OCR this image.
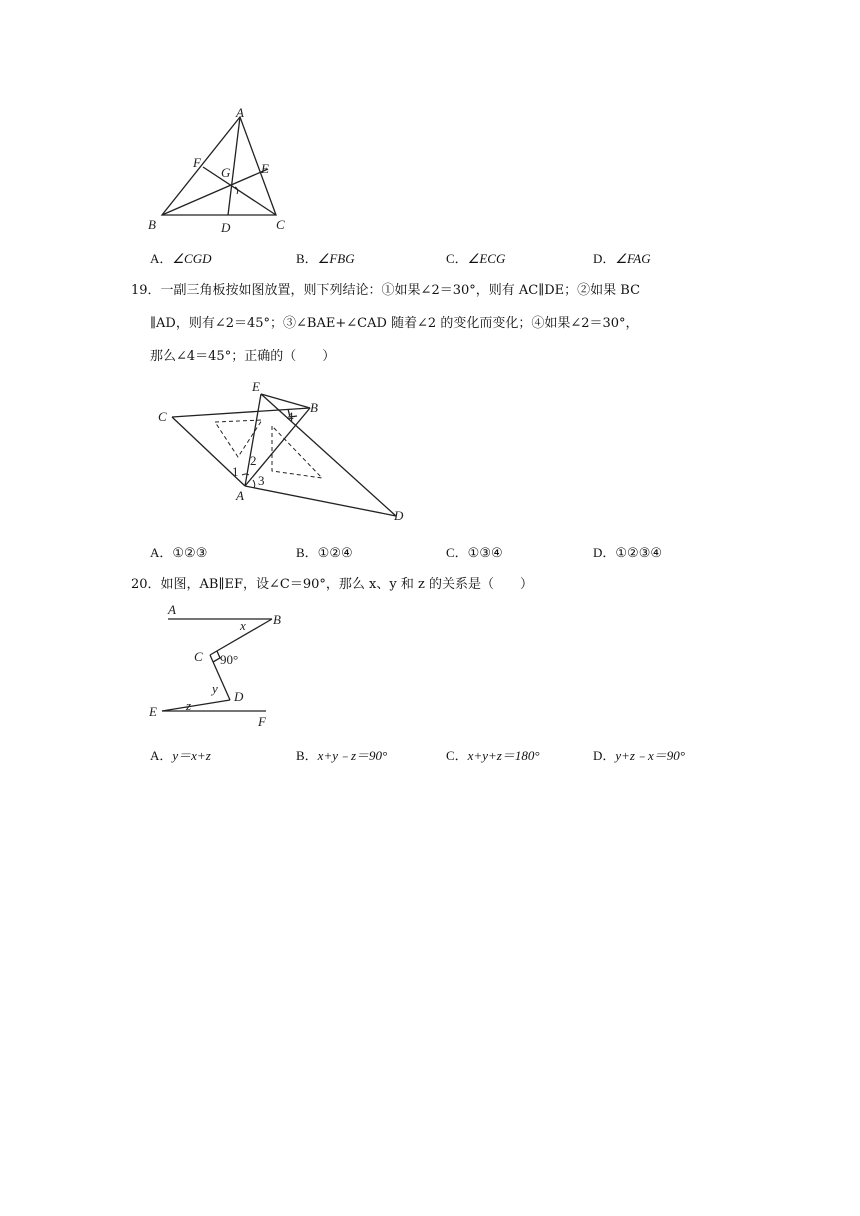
A
F
G E
B	D	C
A．∠CGD	B．∠FBG	C．∠ECG	D．∠FAG
19．一副三角板按如图放置，则下列结论：①如果∠2＝30°，则有 AC∥DE；②如果 BC
∥AD，则有∠2＝45°；③∠BAE+∠CAD 随着∠2 的变化而变化；④如果∠2＝30°，
那么∠4＝45°；正确的（　　）
E
C
B
4
2
1
3
A
D
A．①②③	B．①②④	C．①③④	D．①②③④
20．如图，AB∥EF，设∠C＝90°，那么 x、y 和 z 的关系是（　　）
A
B
x
C 90°
y
D
E z
F
A．y＝x+z	B．x+y﹣z＝90°	C．x+y+z＝180°	D．y+z﹣x＝90°
